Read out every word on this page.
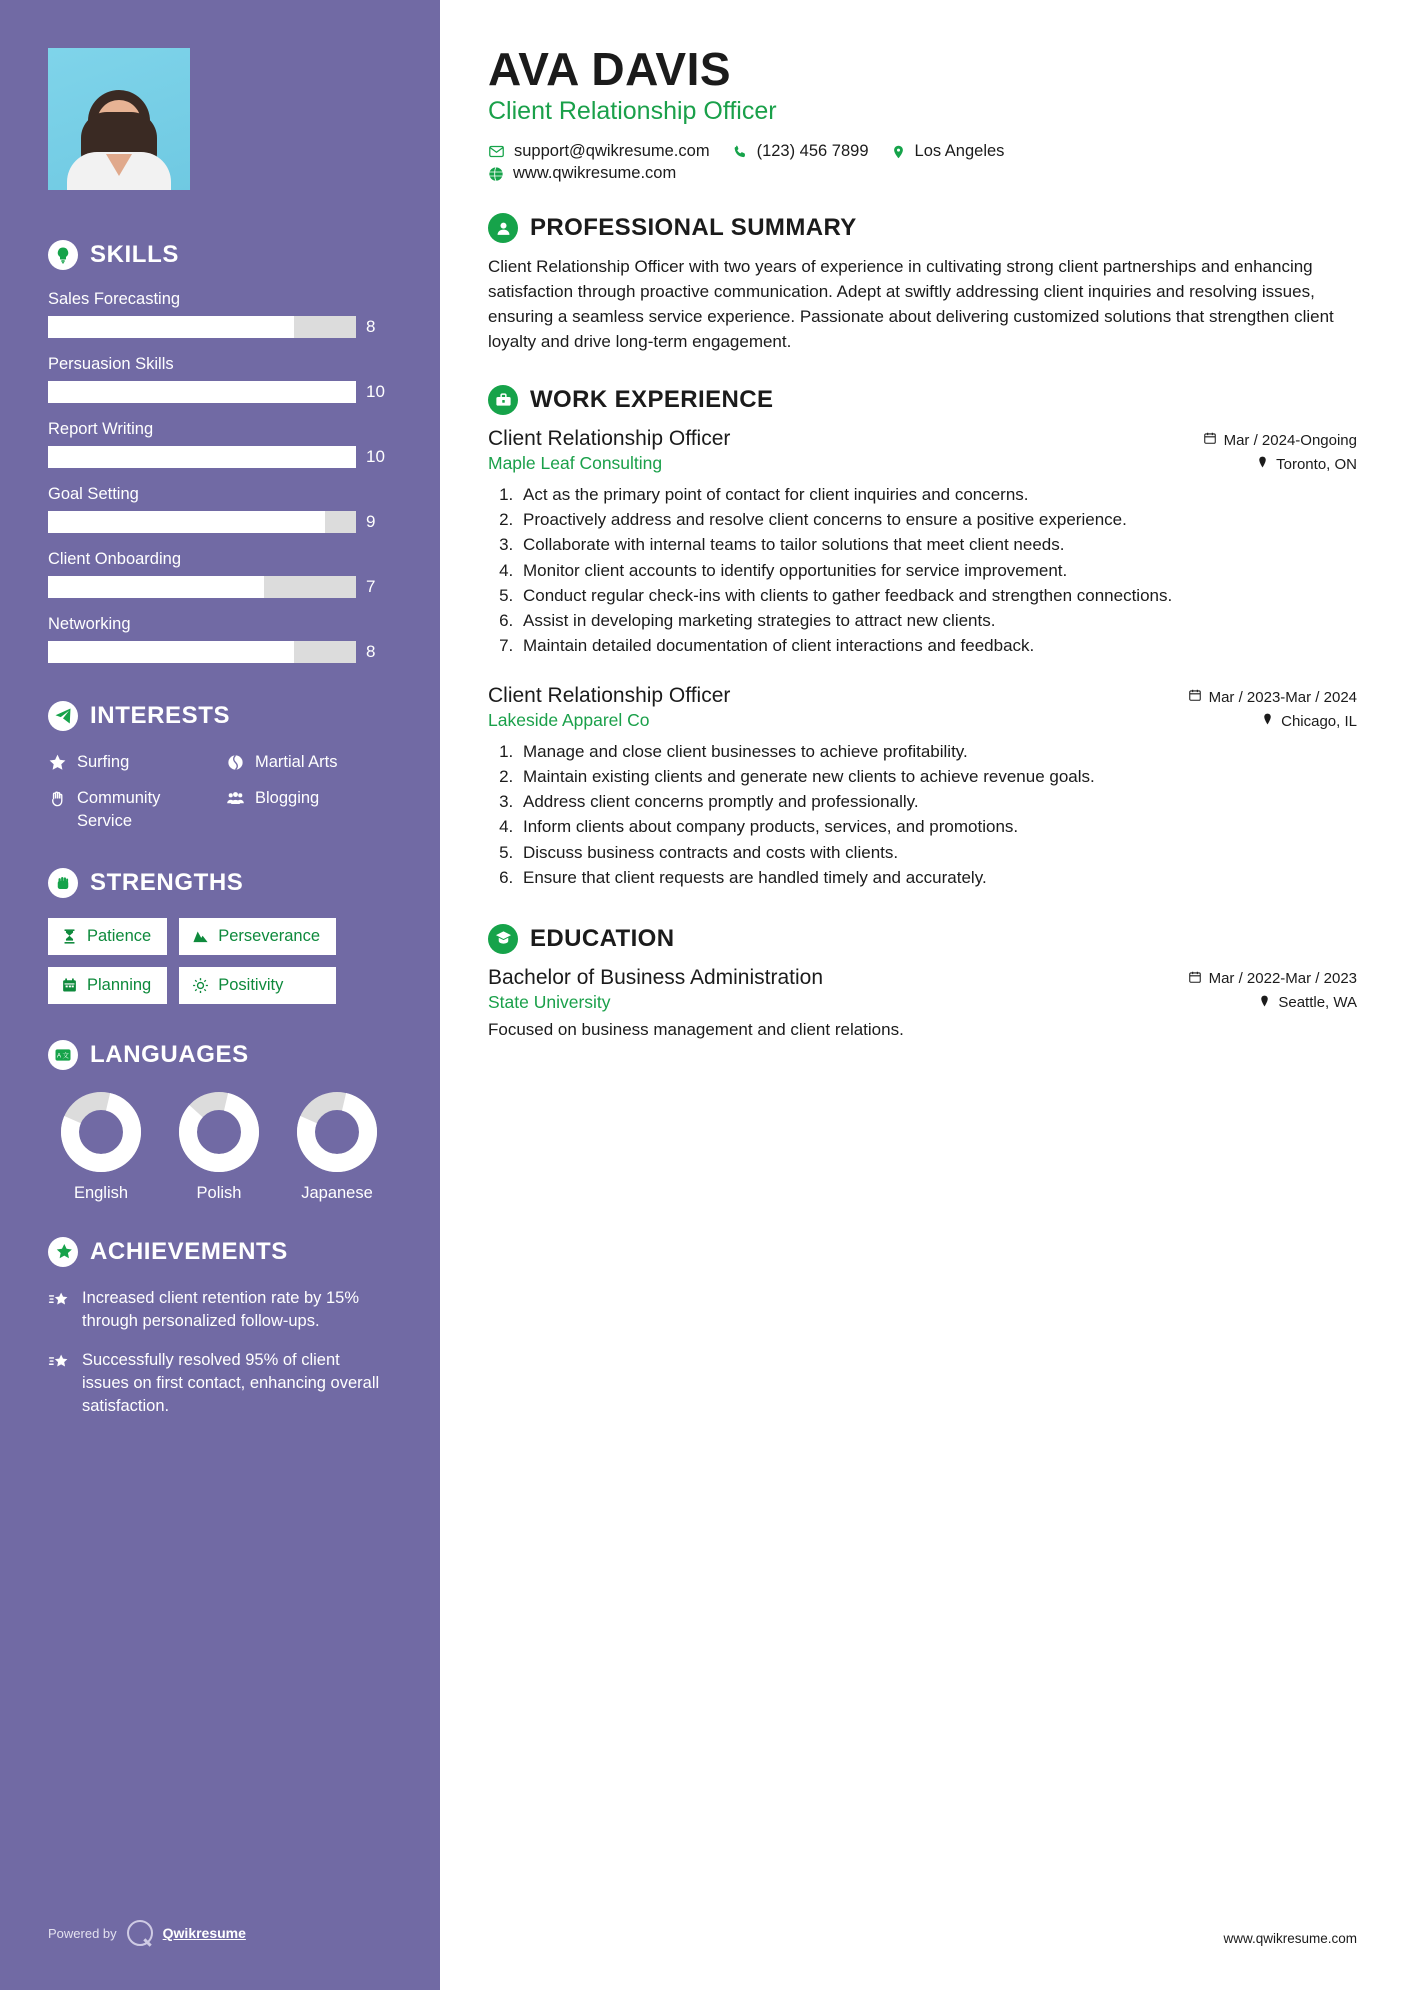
SKILLS
Sales Forecasting
8
Persuasion Skills
10
Report Writing
10
Goal Setting
9
Client Onboarding
7
Networking
8
INTERESTS
Surfing	Martial Arts
Community Service
Blogging
STRENGTHS
Patience	Perseverance
Planning	Positivity
A 文 LANGUAGES
English	Polish	Japanese
ACHIEVEMENTS
Increased client retention rate by 15% through personalized follow-ups.
Successfully resolved 95% of client issues on first contact, enhancing overall satisfaction.
Powered by	Qwikresume
AVA DAVIS
Client Relationship Officer
support@qwikresume.com	(123) 456 7899	Los Angeles
www.qwikresume.com
PROFESSIONAL SUMMARY

Client Relationship Officer with two years of experience in cultivating strong client partnerships and enhancing satisfaction through proactive communication. Adept at swiftly addressing client inquiries and resolving issues, ensuring a seamless service experience. Passionate about delivering customized solutions that strengthen client loyalty and drive long-term engagement.

WORK EXPERIENCE
Client Relationship Officer	Mar / 2024-Ongoing
Maple Leaf Consulting	Toronto, ON
1. Act as the primary point of contact for client inquiries and concerns.
2. Proactively address and resolve client concerns to ensure a positive experience.
3. Collaborate with internal teams to tailor solutions that meet client needs.
4. Monitor client accounts to identify opportunities for service improvement.
5. Conduct regular check-ins with clients to gather feedback and strengthen connections.
6. Assist in developing marketing strategies to attract new clients.
7. Maintain detailed documentation of client interactions and feedback.
Client Relationship Officer	Mar / 2023-Mar / 2024
Lakeside Apparel Co	Chicago, IL
1. Manage and close client businesses to achieve profitability.
2. Maintain existing clients and generate new clients to achieve revenue goals.
3. Address client concerns promptly and professionally.
4. Inform clients about company products, services, and promotions.
5. Discuss business contracts and costs with clients.
6. Ensure that client requests are handled timely and accurately.
EDUCATION
Bachelor of Business Administration	Mar / 2022-Mar / 2023
State University	Seattle, WA

Focused on business management and client relations.

www.qwikresume.com
